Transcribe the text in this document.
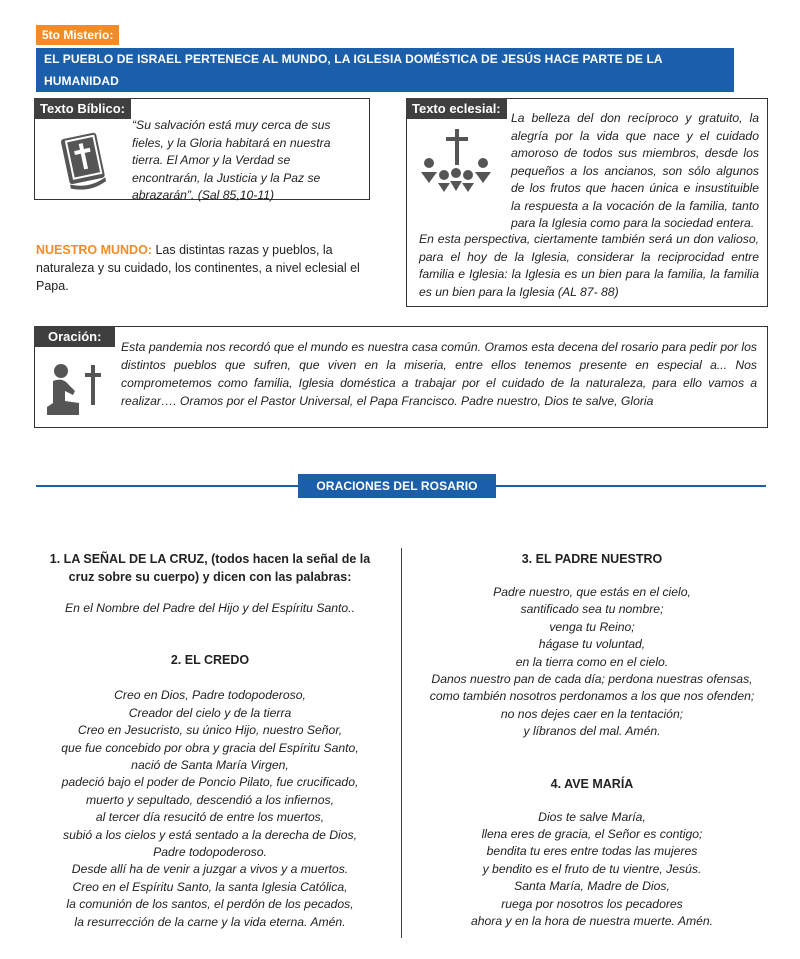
5to Misterio:
EL PUEBLO DE ISRAEL PERTENECE AL MUNDO, LA IGLESIA DOMÉSTICA DE JESÚS HACE PARTE DE LA HUMANIDAD
Texto Bíblico:
“Su salvación está muy cerca de sus fieles, y la Gloria habitará en nuestra tierra. El Amor y la Verdad se encontrarán, la Justicia y la Paz se abrazarán”. (Sal 85,10-11)
NUESTRO MUNDO: Las distintas razas y pueblos, la naturaleza y su cuidado, los continentes, a nivel eclesial el Papa.
Texto eclesial:
La belleza del don recíproco y gratuito, la alegría por la vida que nace y el cuidado amoroso de todos sus miembros, desde los pequeños a los ancianos, son sólo algunos de los frutos que hacen única e insustituible la respuesta a la vocación de la familia, tanto para la Iglesia como para la sociedad entera.
En esta perspectiva, ciertamente también será un don valioso, para el hoy de la Iglesia, considerar la reciprocidad entre familia e Iglesia: la Iglesia es un bien para la familia, la familia es un bien para la Iglesia (AL 87- 88)
Oración:
Esta pandemia nos recordó que el mundo es nuestra casa común. Oramos esta decena del rosario para pedir por los distintos pueblos que sufren, que viven en la miseria, entre ellos tenemos presente en especial a... Nos comprometemos como familia, Iglesia doméstica a trabajar por el cuidado de la naturaleza, para ello vamos a realizar…. Oramos por el Pastor Universal, el Papa Francisco. Padre nuestro, Dios te salve, Gloria
ORACIONES DEL ROSARIO
1. LA SEÑAL DE LA CRUZ, (todos hacen la señal de la
cruz sobre su cuerpo) y dicen con las palabras:

En el Nombre del Padre del Hijo y del Espíritu Santo..

2. EL CREDO

Creo en Dios, Padre todopoderoso,

Creador del cielo y de la tierra

Creo en Jesucristo, su único Hijo, nuestro Señor,

que fue concebido por obra y gracia del Espíritu Santo,

nació de Santa María Virgen,

padeció bajo el poder de Poncio Pilato, fue crucificado,

muerto y sepultado, descendió a los infiernos,

al tercer día resucitó de entre los muertos,

subió a los cielos y está sentado a la derecha de Dios,

Padre todopoderoso.

Desde allí ha de venir a juzgar a vivos y a muertos.

Creo en el Espíritu Santo, la santa Iglesia Católica,

la comunión de los santos, el perdón de los pecados,

la resurrección de la carne y la vida eterna. Amén.

3. EL PADRE NUESTRO

Padre nuestro, que estás en el cielo,

santificado sea tu nombre;

venga tu Reino;

hágase tu voluntad,

en la tierra como en el cielo.

Danos nuestro pan de cada día; perdona nuestras ofensas,

como también nosotros perdonamos a los que nos ofenden;

no nos dejes caer en la tentación;

y líbranos del mal. Amén.

4. AVE MARÍA

Dios te salve María,

llena eres de gracia, el Señor es contigo;

bendita tu eres entre todas las mujeres

y bendito es el fruto de tu vientre, Jesús.

Santa María, Madre de Dios,

ruega por nosotros los pecadores

ahora y en la hora de nuestra muerte. Amén.
